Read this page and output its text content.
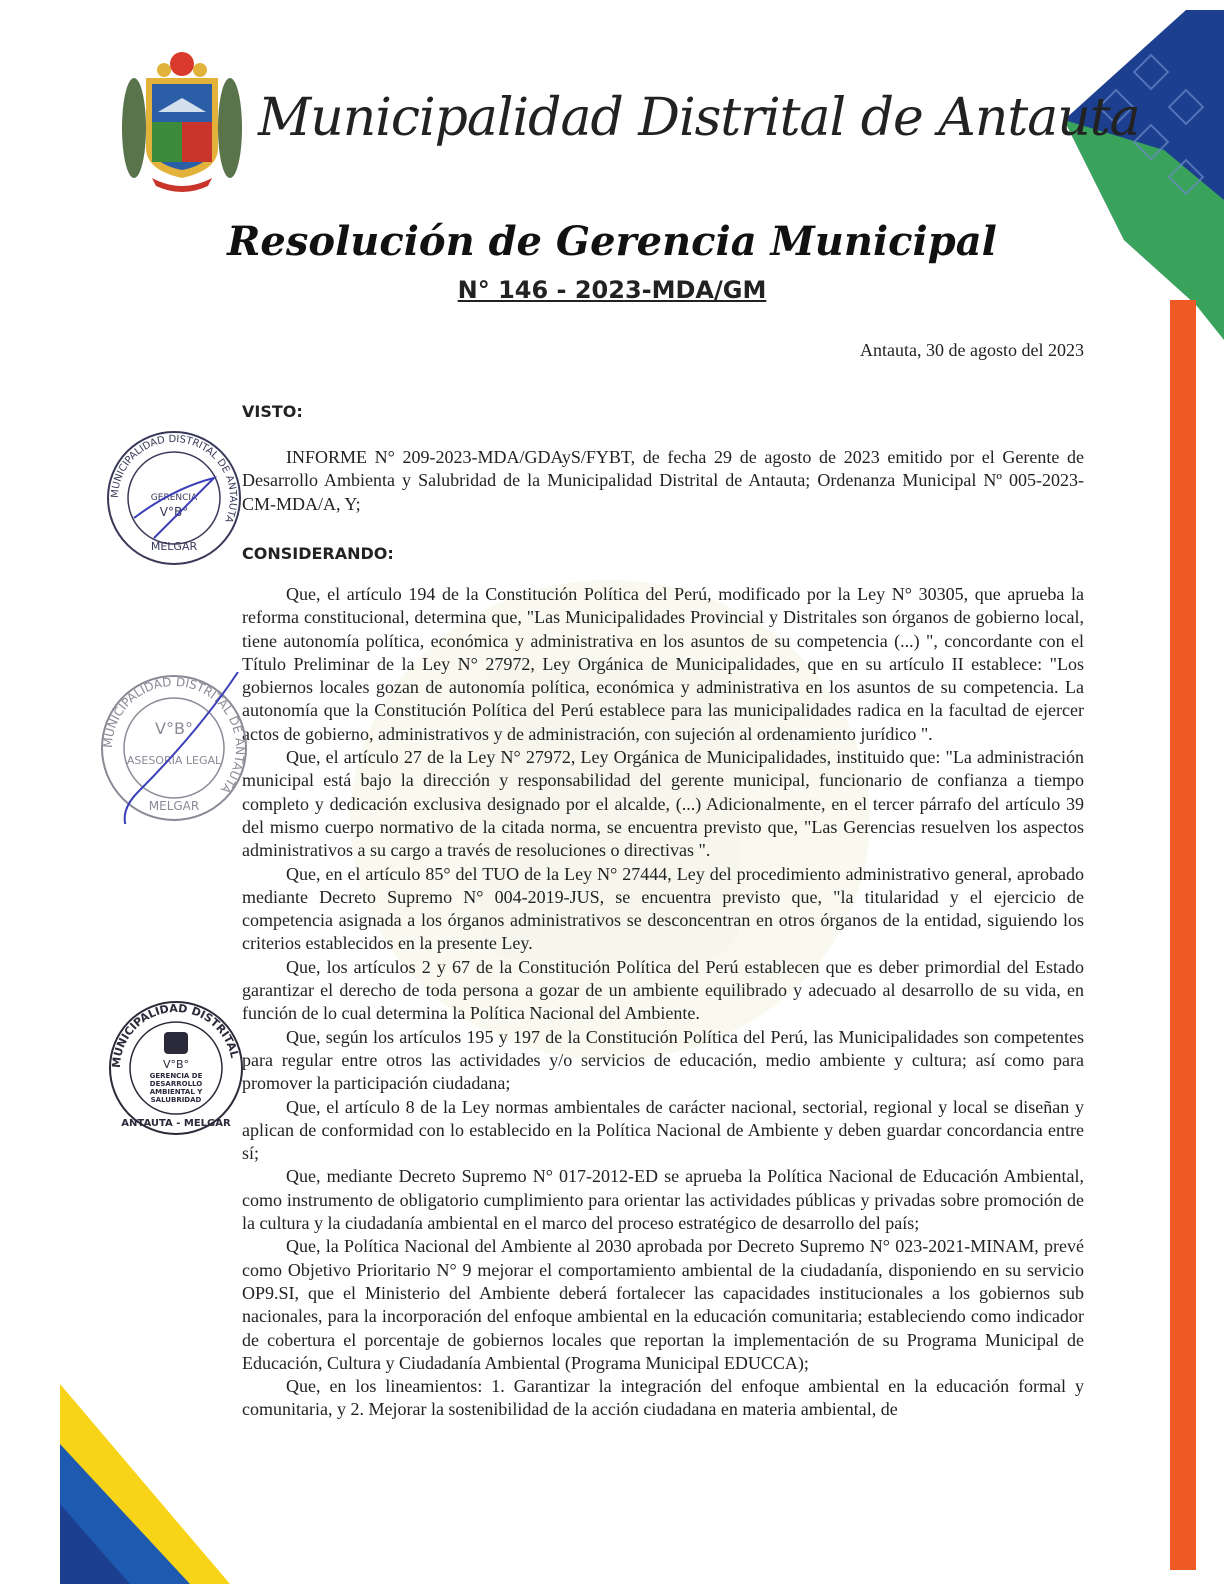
Municipalidad Distrital de Antauta
Resolución de Gerencia Municipal
N° 146 - 2023-MDA/GM
Antauta, 30 de agosto del 2023
VISTO:

INFORME N° 209-2023-MDA/GDAyS/FYBT, de fecha 29 de agosto de 2023 emitido por el Gerente de Desarrollo Ambienta y Salubridad de la Municipalidad Distrital de Antauta; Ordenanza Municipal Nº 005-2023-CM-MDA/A, Y;

CONSIDERANDO:

Que, el artículo 194 de la Constitución Política del Perú, modificado por la Ley N° 30305, que aprueba la reforma constitucional, determina que, "Las Municipalidades Provincial y Distritales son órganos de gobierno local, tiene autonomía política, económica y administrativa en los asuntos de su competencia (...) ", concordante con el Título Preliminar de la Ley N° 27972, Ley Orgánica de Municipalidades, que en su artículo II establece: "Los gobiernos locales gozan de autonomía política, económica y administrativa en los asuntos de su competencia. La autonomía que la Constitución Política del Perú establece para las municipalidades radica en la facultad de ejercer actos de gobierno, administrativos y de administración, con sujeción al ordenamiento jurídico ".

Que, el artículo 27 de la Ley N° 27972, Ley Orgánica de Municipalidades, instituido que: "La administración municipal está bajo la dirección y responsabilidad del gerente municipal, funcionario de confianza a tiempo completo y dedicación exclusiva designado por el alcalde, (...) Adicionalmente, en el tercer párrafo del artículo 39 del mismo cuerpo normativo de la citada norma, se encuentra previsto que, "Las Gerencias resuelven los aspectos administrativos a su cargo a través de resoluciones o directivas ".

Que, en el artículo 85° del TUO de la Ley N° 27444, Ley del procedimiento administrativo general, aprobado mediante Decreto Supremo N° 004-2019-JUS, se encuentra previsto que, "la titularidad y el ejercicio de competencia asignada a los órganos administrativos se desconcentran en otros órganos de la entidad, siguiendo los criterios establecidos en la presente Ley.

Que, los artículos 2 y 67 de la Constitución Política del Perú establecen que es deber primordial del Estado garantizar el derecho de toda persona a gozar de un ambiente equilibrado y adecuado al desarrollo de su vida, en función de lo cual determina la Política Nacional del Ambiente.

Que, según los artículos 195 y 197 de la Constitución Política del Perú, las Municipalidades son competentes para regular entre otros las actividades y/o servicios de educación, medio ambiente y cultura; así como para promover la participación ciudadana;

Que, el artículo 8 de la Ley normas ambientales de carácter nacional, sectorial, regional y local se diseñan y aplican de conformidad con lo establecido en la Política Nacional de Ambiente y deben guardar concordancia entre sí;

Que, mediante Decreto Supremo N° 017-2012-ED se aprueba la Política Nacional de Educación Ambiental, como instrumento de obligatorio cumplimiento para orientar las actividades públicas y privadas sobre promoción de la cultura y la ciudadanía ambiental en el marco del proceso estratégico de desarrollo del país;

Que, la Política Nacional del Ambiente al 2030 aprobada por Decreto Supremo N° 023-2021-MINAM, prevé como Objetivo Prioritario N° 9 mejorar el comportamiento ambiental de la ciudadanía, disponiendo en su servicio OP9.SI, que el Ministerio del Ambiente deberá fortalecer las capacidades institucionales a los gobiernos sub nacionales, para la incorporación del enfoque ambiental en la educación comunitaria; estableciendo como indicador de cobertura el porcentaje de gobiernos locales que reportan la implementación de su Programa Municipal de Educación, Cultura y Ciudadanía Ambiental (Programa Municipal EDUCCA);

Que, en los lineamientos: 1. Garantizar la integración del enfoque ambiental en la educación formal y comunitaria, y 2. Mejorar la sostenibilidad de la acción ciudadana en materia ambiental, de

MUNICIPALIDAD DISTRITAL DE ANTAUTA
MELGAR
V°B°
GERENCIA
MUNICIPALIDAD DISTRITAL DE ANTAUTA
MELGAR
V°B°
ASESORÍA LEGAL
MUNICIPALIDAD DISTRITAL
ANTAUTA - MELGAR
V°B°
GERENCIA DE DESARROLLO AMBIENTAL Y SALUBRIDAD
